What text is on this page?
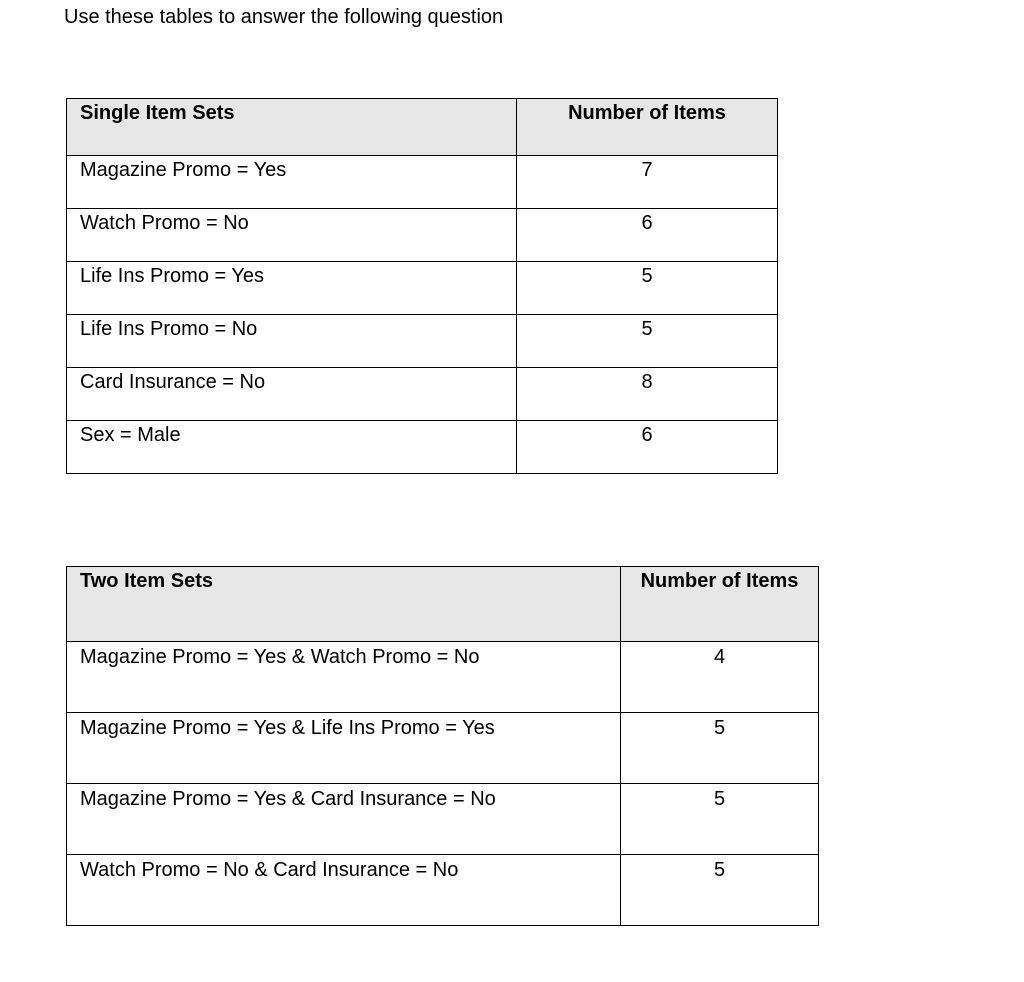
Use these tables to answer the following question

Single Item Sets	Number of Items
Magazine Promo = Yes	7
Watch Promo = No	6
Life Ins Promo = Yes	5
Life Ins Promo = No	5
Card Insurance = No	8
Sex = Male	6
Two Item Sets	Number of Items
Magazine Promo = Yes & Watch Promo = No	4
Magazine Promo = Yes & Life Ins Promo = Yes	5
Magazine Promo = Yes & Card Insurance = No	5
Watch Promo = No & Card Insurance = No	5
